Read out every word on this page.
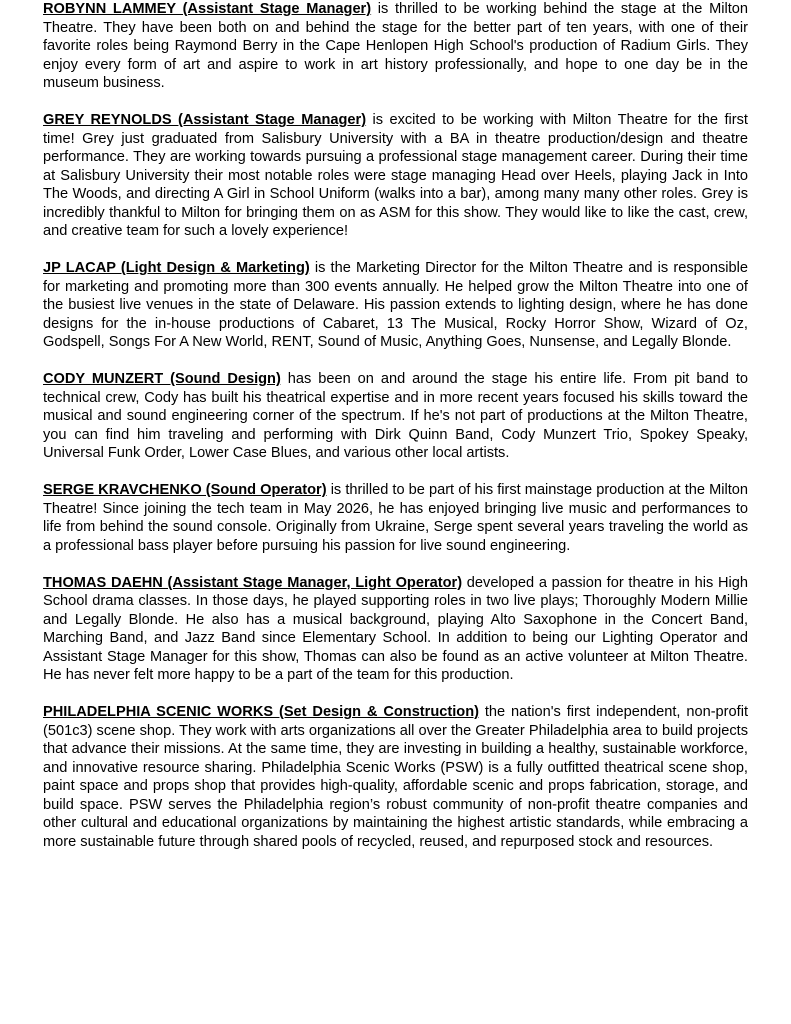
ROBYNN LAMMEY (Assistant Stage Manager) is thrilled to be working behind the stage at the Milton Theatre. They have been both on and behind the stage for the better part of ten years, with one of their favorite roles being Raymond Berry in the Cape Henlopen High School's production of Radium Girls. They enjoy every form of art and aspire to work in art history professionally, and hope to one day be in the museum business.

GREY REYNOLDS (Assistant Stage Manager) is excited to be working with Milton Theatre for the first time! Grey just graduated from Salisbury University with a BA in theatre production/design and theatre performance. They are working towards pursuing a professional stage management career. During their time at Salisbury University their most notable roles were stage managing Head over Heels, playing Jack in Into The Woods, and directing A Girl in School Uniform (walks into a bar), among many many other roles. Grey is incredibly thankful to Milton for bringing them on as ASM for this show. They would like to like the cast, crew, and creative team for such a lovely experience!

JP LACAP (Light Design & Marketing) is the Marketing Director for the Milton Theatre and is responsible for marketing and promoting more than 300 events annually. He helped grow the Milton Theatre into one of the busiest live venues in the state of Delaware. His passion extends to lighting design, where he has done designs for the in-house productions of Cabaret, 13 The Musical, Rocky Horror Show, Wizard of Oz, Godspell, Songs For A New World, RENT, Sound of Music, Anything Goes, Nunsense, and Legally Blonde.

CODY MUNZERT (Sound Design) has been on and around the stage his entire life. From pit band to technical crew, Cody has built his theatrical expertise and in more recent years focused his skills toward the musical and sound engineering corner of the spectrum. If he's not part of productions at the Milton Theatre, you can find him traveling and performing with Dirk Quinn Band, Cody Munzert Trio, Spokey Speaky, Universal Funk Order, Lower Case Blues, and various other local artists.

SERGE KRAVCHENKO (Sound Operator) is thrilled to be part of his first mainstage production at the Milton Theatre! Since joining the tech team in May 2026, he has enjoyed bringing live music and performances to life from behind the sound console. Originally from Ukraine, Serge spent several years traveling the world as a professional bass player before pursuing his passion for live sound engineering.

THOMAS DAEHN (Assistant Stage Manager, Light Operator) developed a passion for theatre in his High School drama classes. In those days, he played supporting roles in two live plays; Thoroughly Modern Millie and Legally Blonde. He also has a musical background, playing Alto Saxophone in the Concert Band, Marching Band, and Jazz Band since Elementary School. In addition to being our Lighting Operator and Assistant Stage Manager for this show, Thomas can also be found as an active volunteer at Milton Theatre. He has never felt more happy to be a part of the team for this production.

PHILADELPHIA SCENIC WORKS (Set Design & Construction) the nation's first independent, non-profit (501c3) scene shop. They work with arts organizations all over the Greater Philadelphia area to build projects that advance their missions. At the same time, they are investing in building a healthy, sustainable workforce, and innovative resource sharing. Philadelphia Scenic Works (PSW) is a fully outfitted theatrical scene shop, paint space and props shop that provides high-quality, affordable scenic and props fabrication, storage, and build space. PSW serves the Philadelphia region’s robust community of non-profit theatre companies and other cultural and educational organizations by maintaining the highest artistic standards, while embracing a more sustainable future through shared pools of recycled, reused, and repurposed stock and resources.
